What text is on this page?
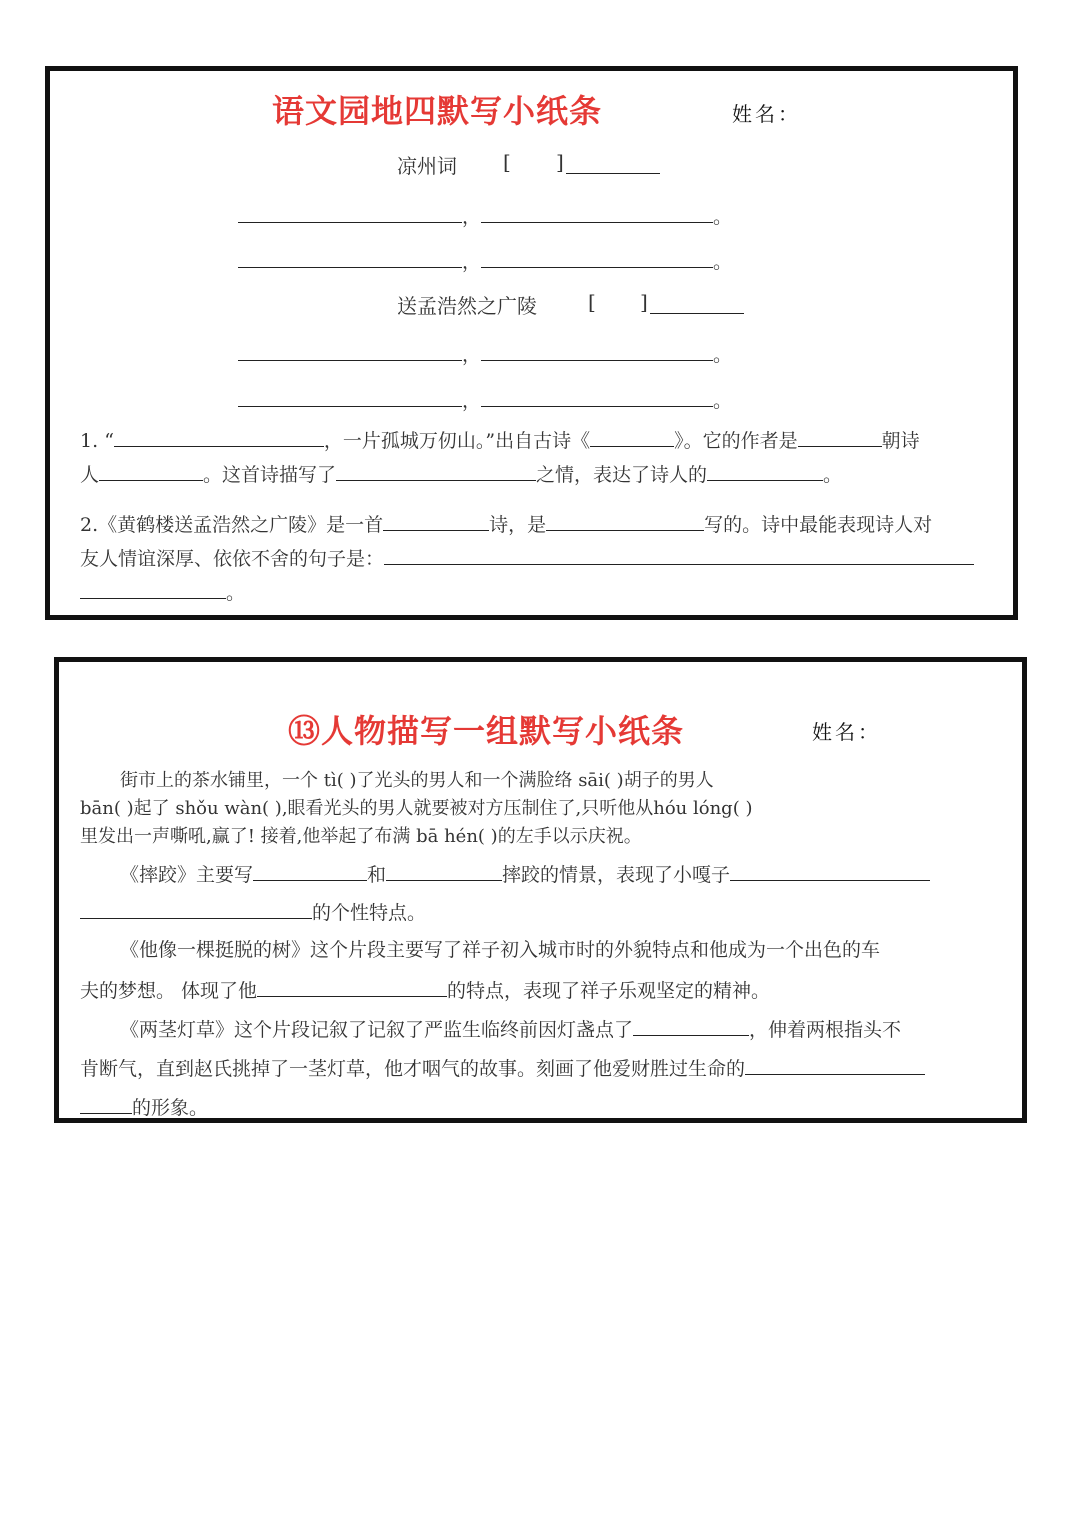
语文园地四默写小纸条	姓名：
凉州词 [ ]
，	。
，	。
送孟浩然之广陵	[ ]
，	。
，	。
1. “	，一片孤城万仞山。”出自古诗《	》。它的作者是	朝诗
人	。这首诗描写了	之情，表达了诗人的	。
2.《黄鹤楼送孟浩然之广陵》是一首	诗，是	写的。诗中最能表现诗人对
友人情谊深厚、依依不舍的句子是：
。
⑬人物描写一组默写小纸条	姓名：
街市上的茶水铺里，一个 tì( )了光头的男人和一个满脸络 sāi( )胡子的男人
bān( )起了 shǒu wàn( ),眼看光头的男人就要被对方压制住了,只听他从hóu lóng( )
里发出一声嘶吼,赢了! 接着,他举起了布满 bā hén( )的左手以示庆祝。
《摔跤》主要写	和	摔跤的情景，表现了小嘎子
的个性特点。
《他像一棵挺脱的树》这个片段主要写了祥子初入城市时的外貌特点和他成为一个出色的车
夫的梦想。 体现了他	的特点，表现了祥子乐观坚定的精神。
《两茎灯草》这个片段记叙了记叙了严监生临终前因灯盏点了	，伸着两根指头不
肯断气，直到赵氏挑掉了一茎灯草，他才咽气的故事。刻画了他爱财胜过生命的
的形象。
